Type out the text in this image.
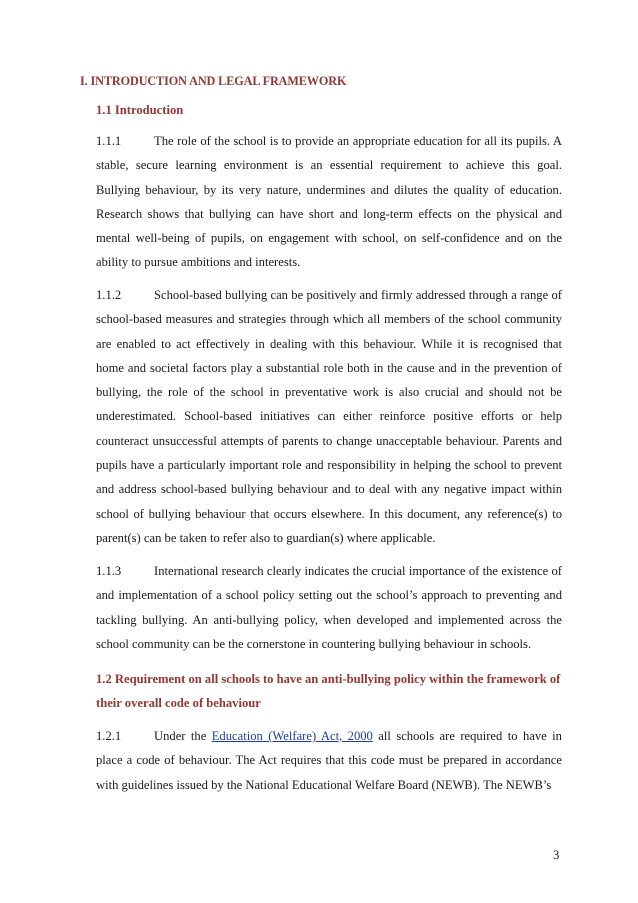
I. INTRODUCTION AND LEGAL FRAMEWORK
1.1 Introduction

1.1.1	The role of the school is to provide an appropriate education for all its pupils. A stable, secure learning environment is an essential requirement to achieve this goal. Bullying behaviour, by its very nature, undermines and dilutes the quality of education. Research shows that bullying can have short and long-term effects on the physical and mental well-being of pupils, on engagement with school, on self-confidence and on the ability to pursue ambitions and interests.

1.1.2	School-based bullying can be positively and firmly addressed through a range of school-based measures and strategies through which all members of the school community are enabled to act effectively in dealing with this behaviour. While it is recognised that home and societal factors play a substantial role both in the cause and in the prevention of bullying, the role of the school in preventative work is also crucial and should not be underestimated. School-based initiatives can either reinforce positive efforts or help counteract unsuccessful attempts of parents to change unacceptable behaviour. Parents and pupils have a particularly important role and responsibility in helping the school to prevent and address school-based bullying behaviour and to deal with any negative impact within school of bullying behaviour that occurs elsewhere. In this document, any reference(s) to parent(s) can be taken to refer also to guardian(s) where applicable.

1.1.3	International research clearly indicates the crucial importance of the existence of and implementation of a school policy setting out the school’s approach to preventing and tackling bullying. An anti-bullying policy, when developed and implemented across the school community can be the cornerstone in countering bullying behaviour in schools.

1.2 Requirement on all schools to have an anti-bullying policy within the framework of their overall code of behaviour

1.2.1	Under the Education (Welfare) Act, 2000 all schools are required to have in place a code of behaviour. The Act requires that this code must be prepared in accordance with guidelines issued by the National Educational Welfare Board (NEWB). The NEWB’s

3
